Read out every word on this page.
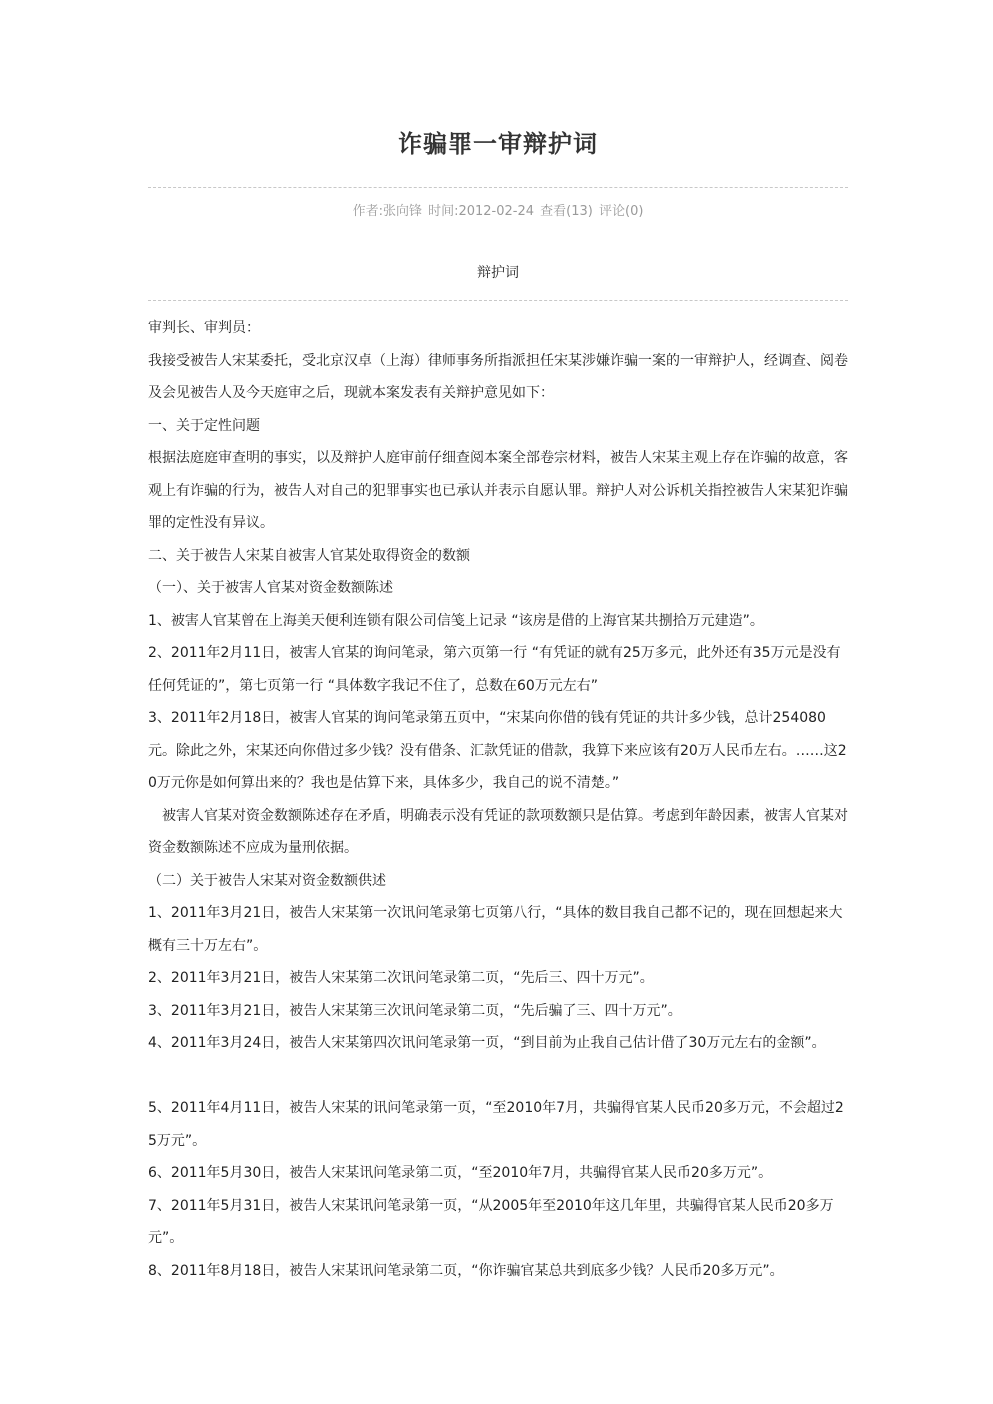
诈骗罪一审辩护词
作者:张向锋 时间:2012-02-24 查看(13) 评论(0)
辩护词

审判长、审判员：

我接受被告人宋某委托，受北京汉卓（上海）律师事务所指派担任宋某涉嫌诈骗一案的一审辩护人，经调查、阅卷及会见被告人及今天庭审之后，现就本案发表有关辩护意见如下：

一、关于定性问题

根据法庭庭审查明的事实，以及辩护人庭审前仔细查阅本案全部卷宗材料，被告人宋某主观上存在诈骗的故意，客观上有诈骗的行为，被告人对自己的犯罪事实也已承认并表示自愿认罪。辩护人对公诉机关指控被告人宋某犯诈骗罪的定性没有异议。

二、关于被告人宋某自被害人官某处取得资金的数额

（一）、关于被害人官某对资金数额陈述

1、被害人官某曾在上海美天便利连锁有限公司信笺上记录 “该房是借的上海官某共捌拾万元建造”。

2、2011年2月11日，被害人官某的询问笔录，第六页第一行 “有凭证的就有25万多元，此外还有35万元是没有任何凭证的”，第七页第一行 “具体数字我记不住了，总数在60万元左右”

3、2011年2月18日，被害人官某的询问笔录第五页中，“宋某向你借的钱有凭证的共计多少钱，总计254080元。除此之外，宋某还向你借过多少钱？没有借条、汇款凭证的借款，我算下来应该有20万人民币左右。……这20万元你是如何算出来的？我也是估算下来，具体多少，我自己的说不清楚。”

被害人官某对资金数额陈述存在矛盾，明确表示没有凭证的款项数额只是估算。考虑到年龄因素，被害人官某对资金数额陈述不应成为量刑依据。

（二）关于被告人宋某对资金数额供述

1、2011年3月21日，被告人宋某第一次讯问笔录第七页第八行，“具体的数目我自己都不记的，现在回想起来大概有三十万左右”。

2、2011年3月21日，被告人宋某第二次讯问笔录第二页，“先后三、四十万元”。

3、2011年3月21日，被告人宋某第三次讯问笔录第二页，“先后骗了三、四十万元”。

4、2011年3月24日，被告人宋某第四次讯问笔录第一页，“到目前为止我自己估计借了30万元左右的金额”。

5、2011年4月11日，被告人宋某的讯问笔录第一页，“至2010年7月，共骗得官某人民币20多万元，不会超过25万元”。

6、2011年5月30日，被告人宋某讯问笔录第二页，“至2010年7月，共骗得官某人民币20多万元”。

7、2011年5月31日，被告人宋某讯问笔录第一页，“从2005年至2010年这几年里，共骗得官某人民币20多万元”。

8、2011年8月18日，被告人宋某讯问笔录第二页，“你诈骗官某总共到底多少钱？人民币20多万元”。
